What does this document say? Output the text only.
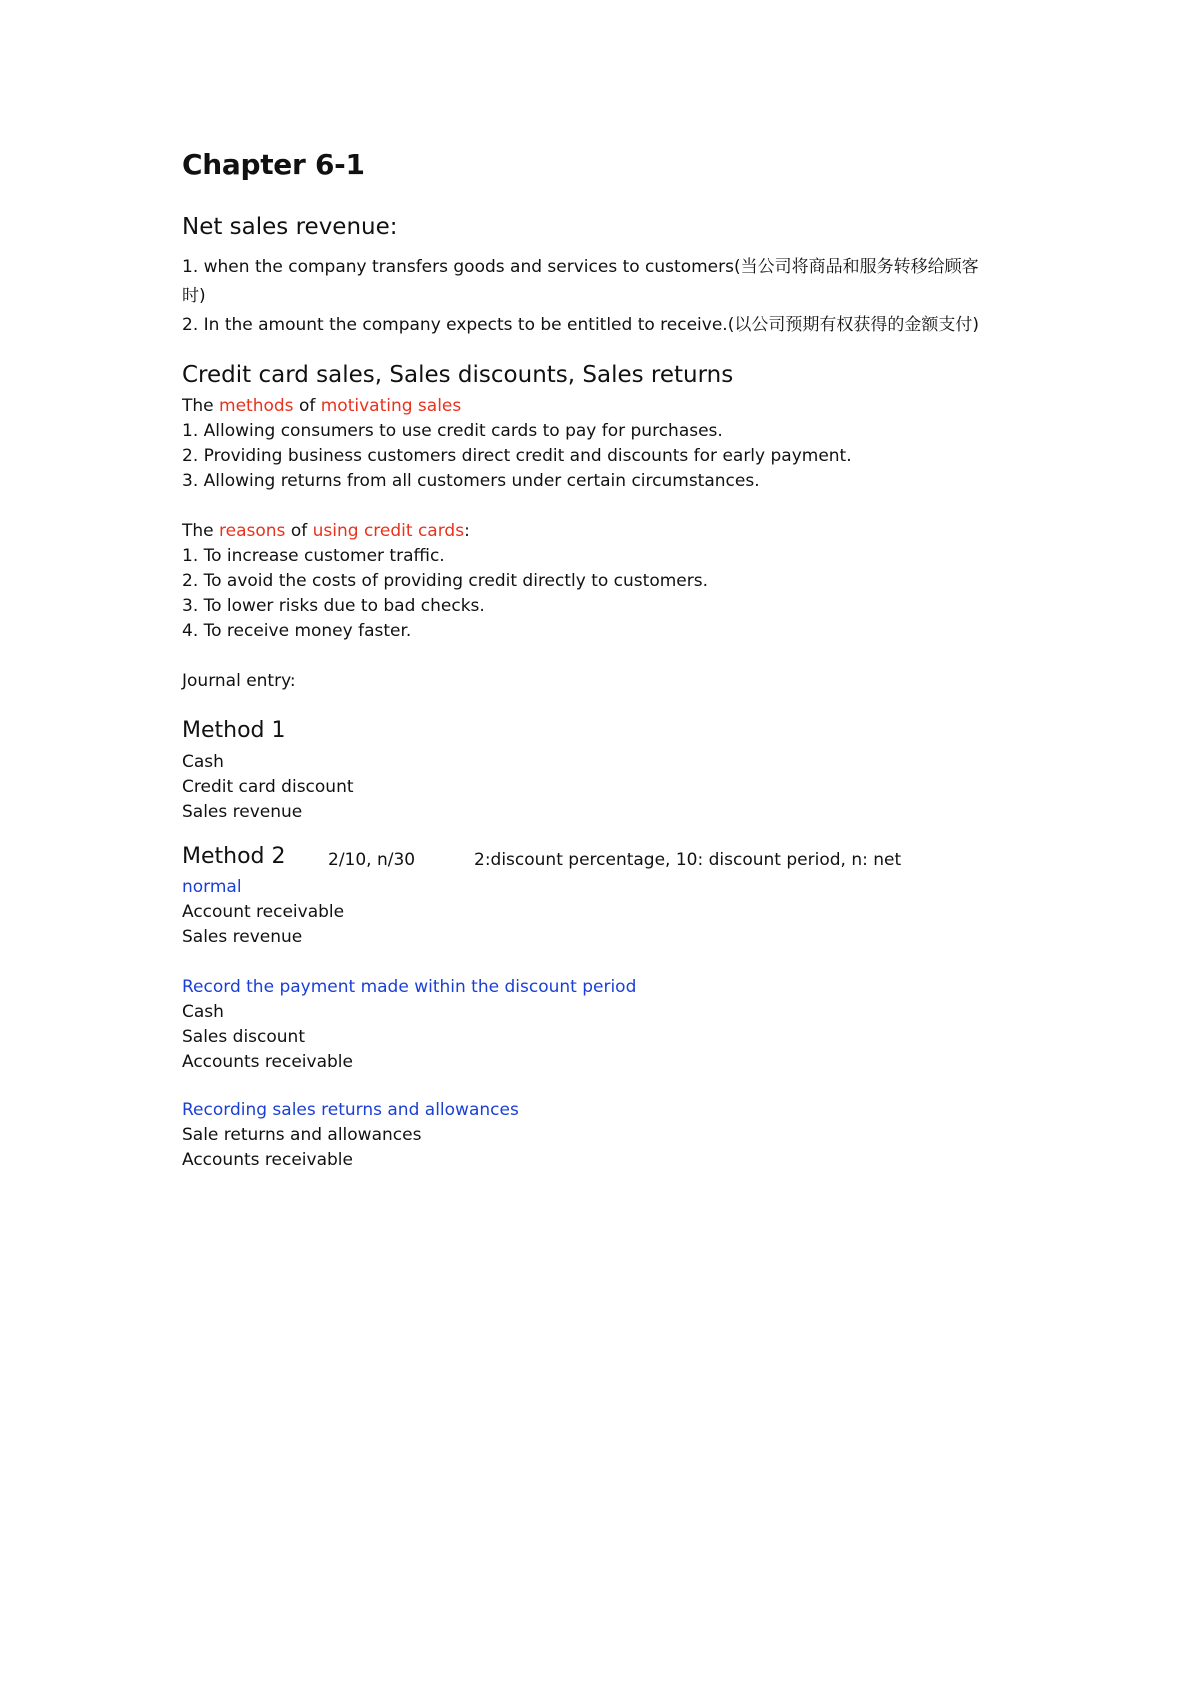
Chapter 6-1
Net sales revenue:
1. when the company transfers goods and services to customers(当公司将商品和服务转移给顾客
时)
2. In the amount the company expects to be entitled to receive.(以公司预期有权获得的金额支付)
Credit card sales, Sales discounts, Sales returns
The methods of motivating sales
1. Allowing consumers to use credit cards to pay for purchases.
2. Providing business customers direct credit and discounts for early payment.
3. Allowing returns from all customers under certain circumstances.
The reasons of using credit cards:
1. To increase customer traffic.
2. To avoid the costs of providing credit directly to customers.
3. To lower risks due to bad checks.
4. To receive money faster.
Journal entry:
Method 1
Cash
Credit card discount
Sales revenue
Method 2 2/10, n/30	2:discount percentage, 10: discount period, n: net
normal
Account receivable
Sales revenue
Record the payment made within the discount period
Cash
Sales discount
Accounts receivable
Recording sales returns and allowances
Sale returns and allowances
Accounts receivable
